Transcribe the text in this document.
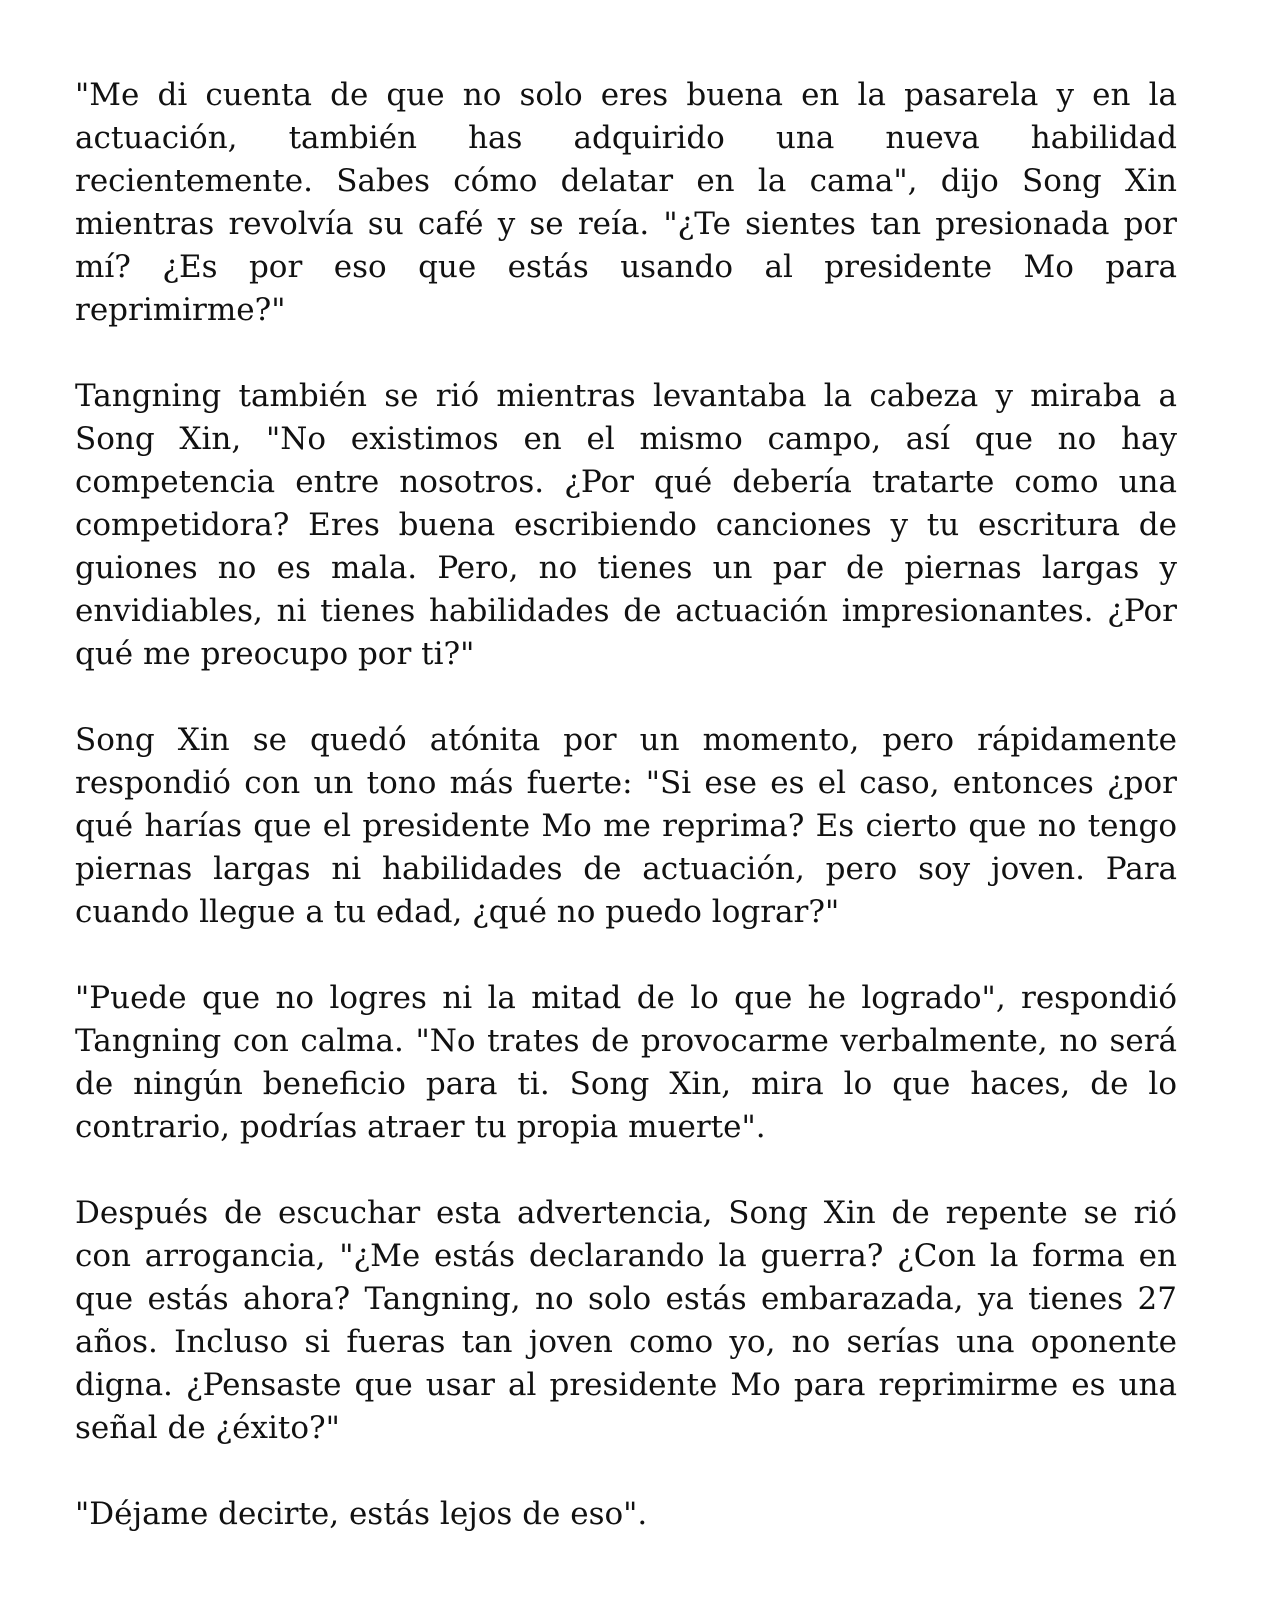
"Me di cuenta de que no solo eres buena en la pasarela y en la actuación, también has adquirido una nueva habilidad recientemente. Sabes cómo delatar en la cama", dijo Song Xin mientras revolvía su café y se reía. "¿Te sientes tan presionada por mí? ¿Es por eso que estás usando al presidente Mo para reprimirme?"

Tangning también se rió mientras levantaba la cabeza y miraba a Song Xin, "No existimos en el mismo campo, así que no hay competencia entre nosotros. ¿Por qué debería tratarte como una competidora? Eres buena escribiendo canciones y tu escritura de guiones no es mala. Pero, no tienes un par de piernas largas y envidiables, ni tienes habilidades de actuación impresionantes. ¿Por qué me preocupo por ti?"

Song Xin se quedó atónita por un momento, pero rápidamente respondió con un tono más fuerte: "Si ese es el caso, entonces ¿por qué harías que el presidente Mo me reprima? Es cierto que no tengo piernas largas ni habilidades de actuación, pero soy joven. Para cuando llegue a tu edad, ¿qué no puedo lograr?"

"Puede que no logres ni la mitad de lo que he logrado", respondió Tangning con calma. "No trates de provocarme verbalmente, no será de ningún beneficio para ti. Song Xin, mira lo que haces, de lo contrario, podrías atraer tu propia muerte".

Después de escuchar esta advertencia, Song Xin de repente se rió con arrogancia, "¿Me estás declarando la guerra? ¿Con la forma en que estás ahora? Tangning, no solo estás embarazada, ya tienes 27 años. Incluso si fueras tan joven como yo, no serías una oponente digna. ¿Pensaste que usar al presidente Mo para reprimirme es una señal de ¿éxito?"

"Déjame decirte, estás lejos de eso".
